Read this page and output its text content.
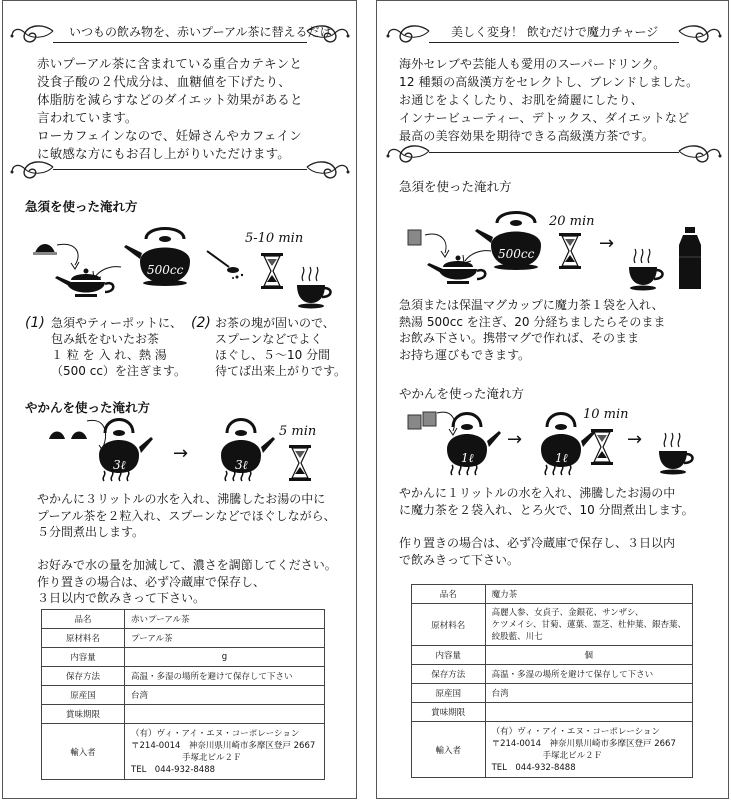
いつもの飲み物を、赤いプーアル茶に替えるだけ
赤いプーアル茶に含まれている重合カテキンと
没食子酸の２代成分は、血糖値を下げたり、
体脂肪を減らすなどのダイエット効果があると
言われています。
ローカフェインなので、妊婦さんやカフェイン
に敏感な方にもお召し上がりいただけます。
急須を使った淹れ方
500cc
5-10 min
(1) 急須やティーポットに、
包み紙をむいたお茶
１ 粒 を 入 れ、熱 湯
（500 cc）を注ぎます。
(2) お茶の塊が固いので、
スプーンなどでよく
ほぐし、５〜10 分間
待てば出来上がりです。
やかんを使った淹れ方
3ℓ
→
3ℓ
5 min
やかんに３リットルの水を入れ、沸騰したお湯の中に
プーアル茶を２粒入れ、スプーンなどでほぐしながら、
５分間煮出します。
お好みで水の量を加減して、濃さを調節してください。
作り置きの場合は、必ず冷蔵庫で保存し、
３日以内で飲みきって下さい。
品名	赤いプーアル茶
原材料名	プーアル茶
内容量	g
保存方法	高温・多湿の場所を避けて保存して下さい
原産国	台湾
賞味期限	
輸入者	（有）ヴィ・アイ・エヌ・コーポレーション
〒214-0014　神奈川県川崎市多摩区登戸 2667
　　　　　　手塚北ビル２Ｆ
TEL　044-932-8488
美しく変身！ 飲むだけで魔力チャージ
海外セレブや芸能人も愛用のスーパードリンク。
12 種類の高級漢方をセレクトし、ブレンドしました。
お通じをよくしたり、お肌を綺麗にしたり、
インナービューティー、デトックス、ダイエットなど
最高の美容効果を期待できる高級漢方茶です。
急須を使った淹れ方
500cc
20 min
→
急須または保温マグカップに魔力茶１袋を入れ、
熱湯 500cc を注ぎ、20 分経ちましたらそのまま
お飲み下さい。携帯マグで作れば、そのまま
お持ち運びもできます。
やかんを使った淹れ方
1ℓ
→
1ℓ
10 min
→
やかんに１リットルの水を入れ、沸騰したお湯の中
に魔力茶を２袋入れ、とろ火で、10 分間煮出します。
作り置きの場合は、必ず冷蔵庫で保存し、３日以内
で飲みきって下さい。
品名	魔力茶
原材料名	高麗人参、女貞子、金銀花、サンザシ、
ケツメイシ、甘菊、蓮葉、霊芝、杜仲葉、銀杏葉、
絞股藍、川七

内容量	個
保存方法	高温・多湿の場所を避けて保存して下さい
原産国	台湾
賞味期限	
輸入者	（有）ヴィ・アイ・エヌ・コーポレーション
〒214-0014　神奈川県川崎市多摩区登戸 2667
　　　　　　手塚北ビル２Ｆ
TEL　044-932-8488
